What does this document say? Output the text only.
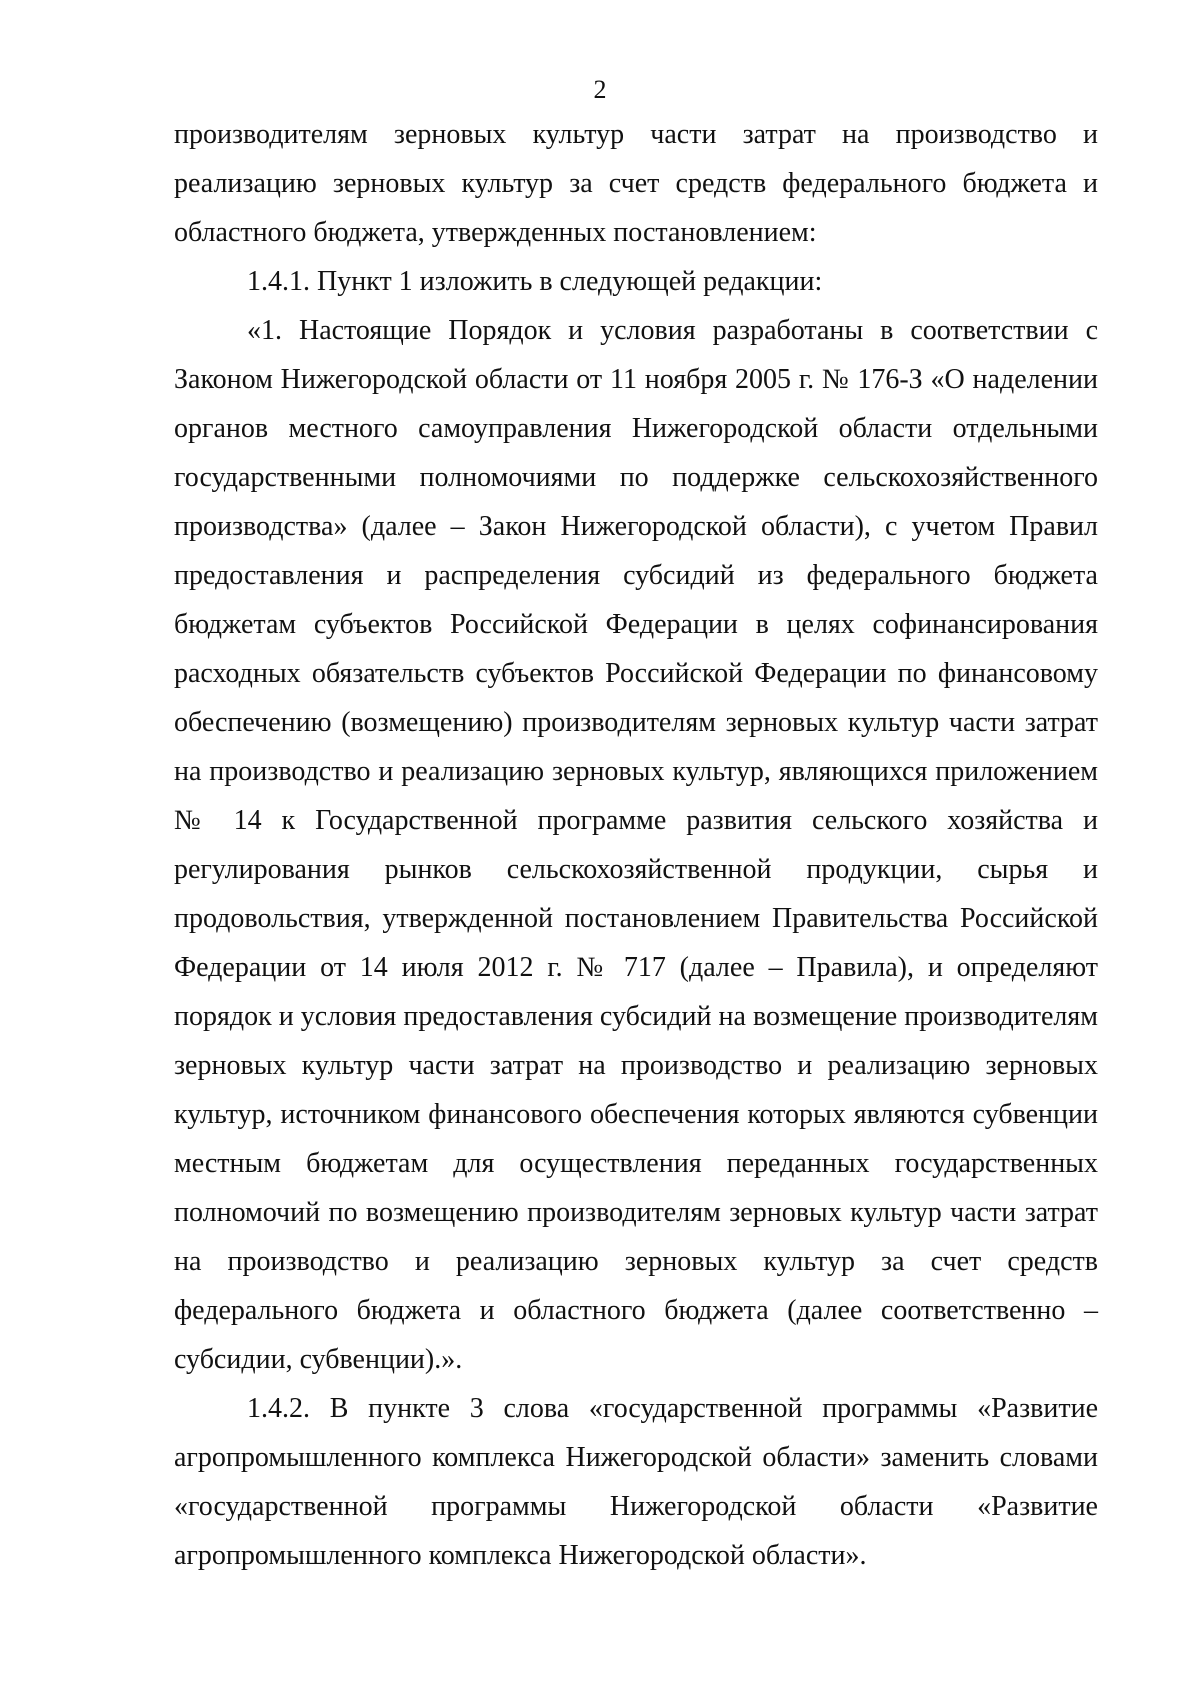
2

производителям зерновых культур части затрат на производство и реализацию зерновых культур за счет средств федерального бюджета и областного бюджета, утвержденных постановлением:

1.4.1. Пункт 1 изложить в следующей редакции:

«1. Настоящие Порядок и условия разработаны в соответствии с Законом Нижегородской области от 11 ноября 2005 г. № 176-З «О наделении органов местного самоуправления Нижегородской области отдельными государственными полномочиями по поддержке сельскохозяйственного производства» (далее – Закон Нижегородской области), с учетом Правил предоставления и распределения субсидий из федерального бюджета бюджетам субъектов Российской Федерации в целях софинансирования расходных обязательств субъектов Российской Федерации по финансовому обеспечению (возмещению) производителям зерновых культур части затрат на производство и реализацию зерновых культур, являющихся приложением № 14 к Государственной программе развития сельского хозяйства и регулирования рынков сельскохозяйственной продукции, сырья и продовольствия, утвержденной постановлением Правительства Российской Федерации от 14 июля 2012 г. № 717 (далее – Правила), и определяют порядок и условия предоставления субсидий на возмещение производителям зерновых культур части затрат на производство и реализацию зерновых культур, источником финансового обеспечения которых являются субвенции местным бюджетам для осуществления переданных государственных полномочий по возмещению производителям зерновых культур части затрат на производство и реализацию зерновых культур за счет средств федерального бюджета и областного бюджета (далее соответственно – субсидии, субвенции).».

1.4.2. В пункте 3 слова «государственной программы «Развитие агропромышленного комплекса Нижегородской области» заменить словами «государственной программы Нижегородской области «Развитие агропромышленного комплекса Нижегородской области».
